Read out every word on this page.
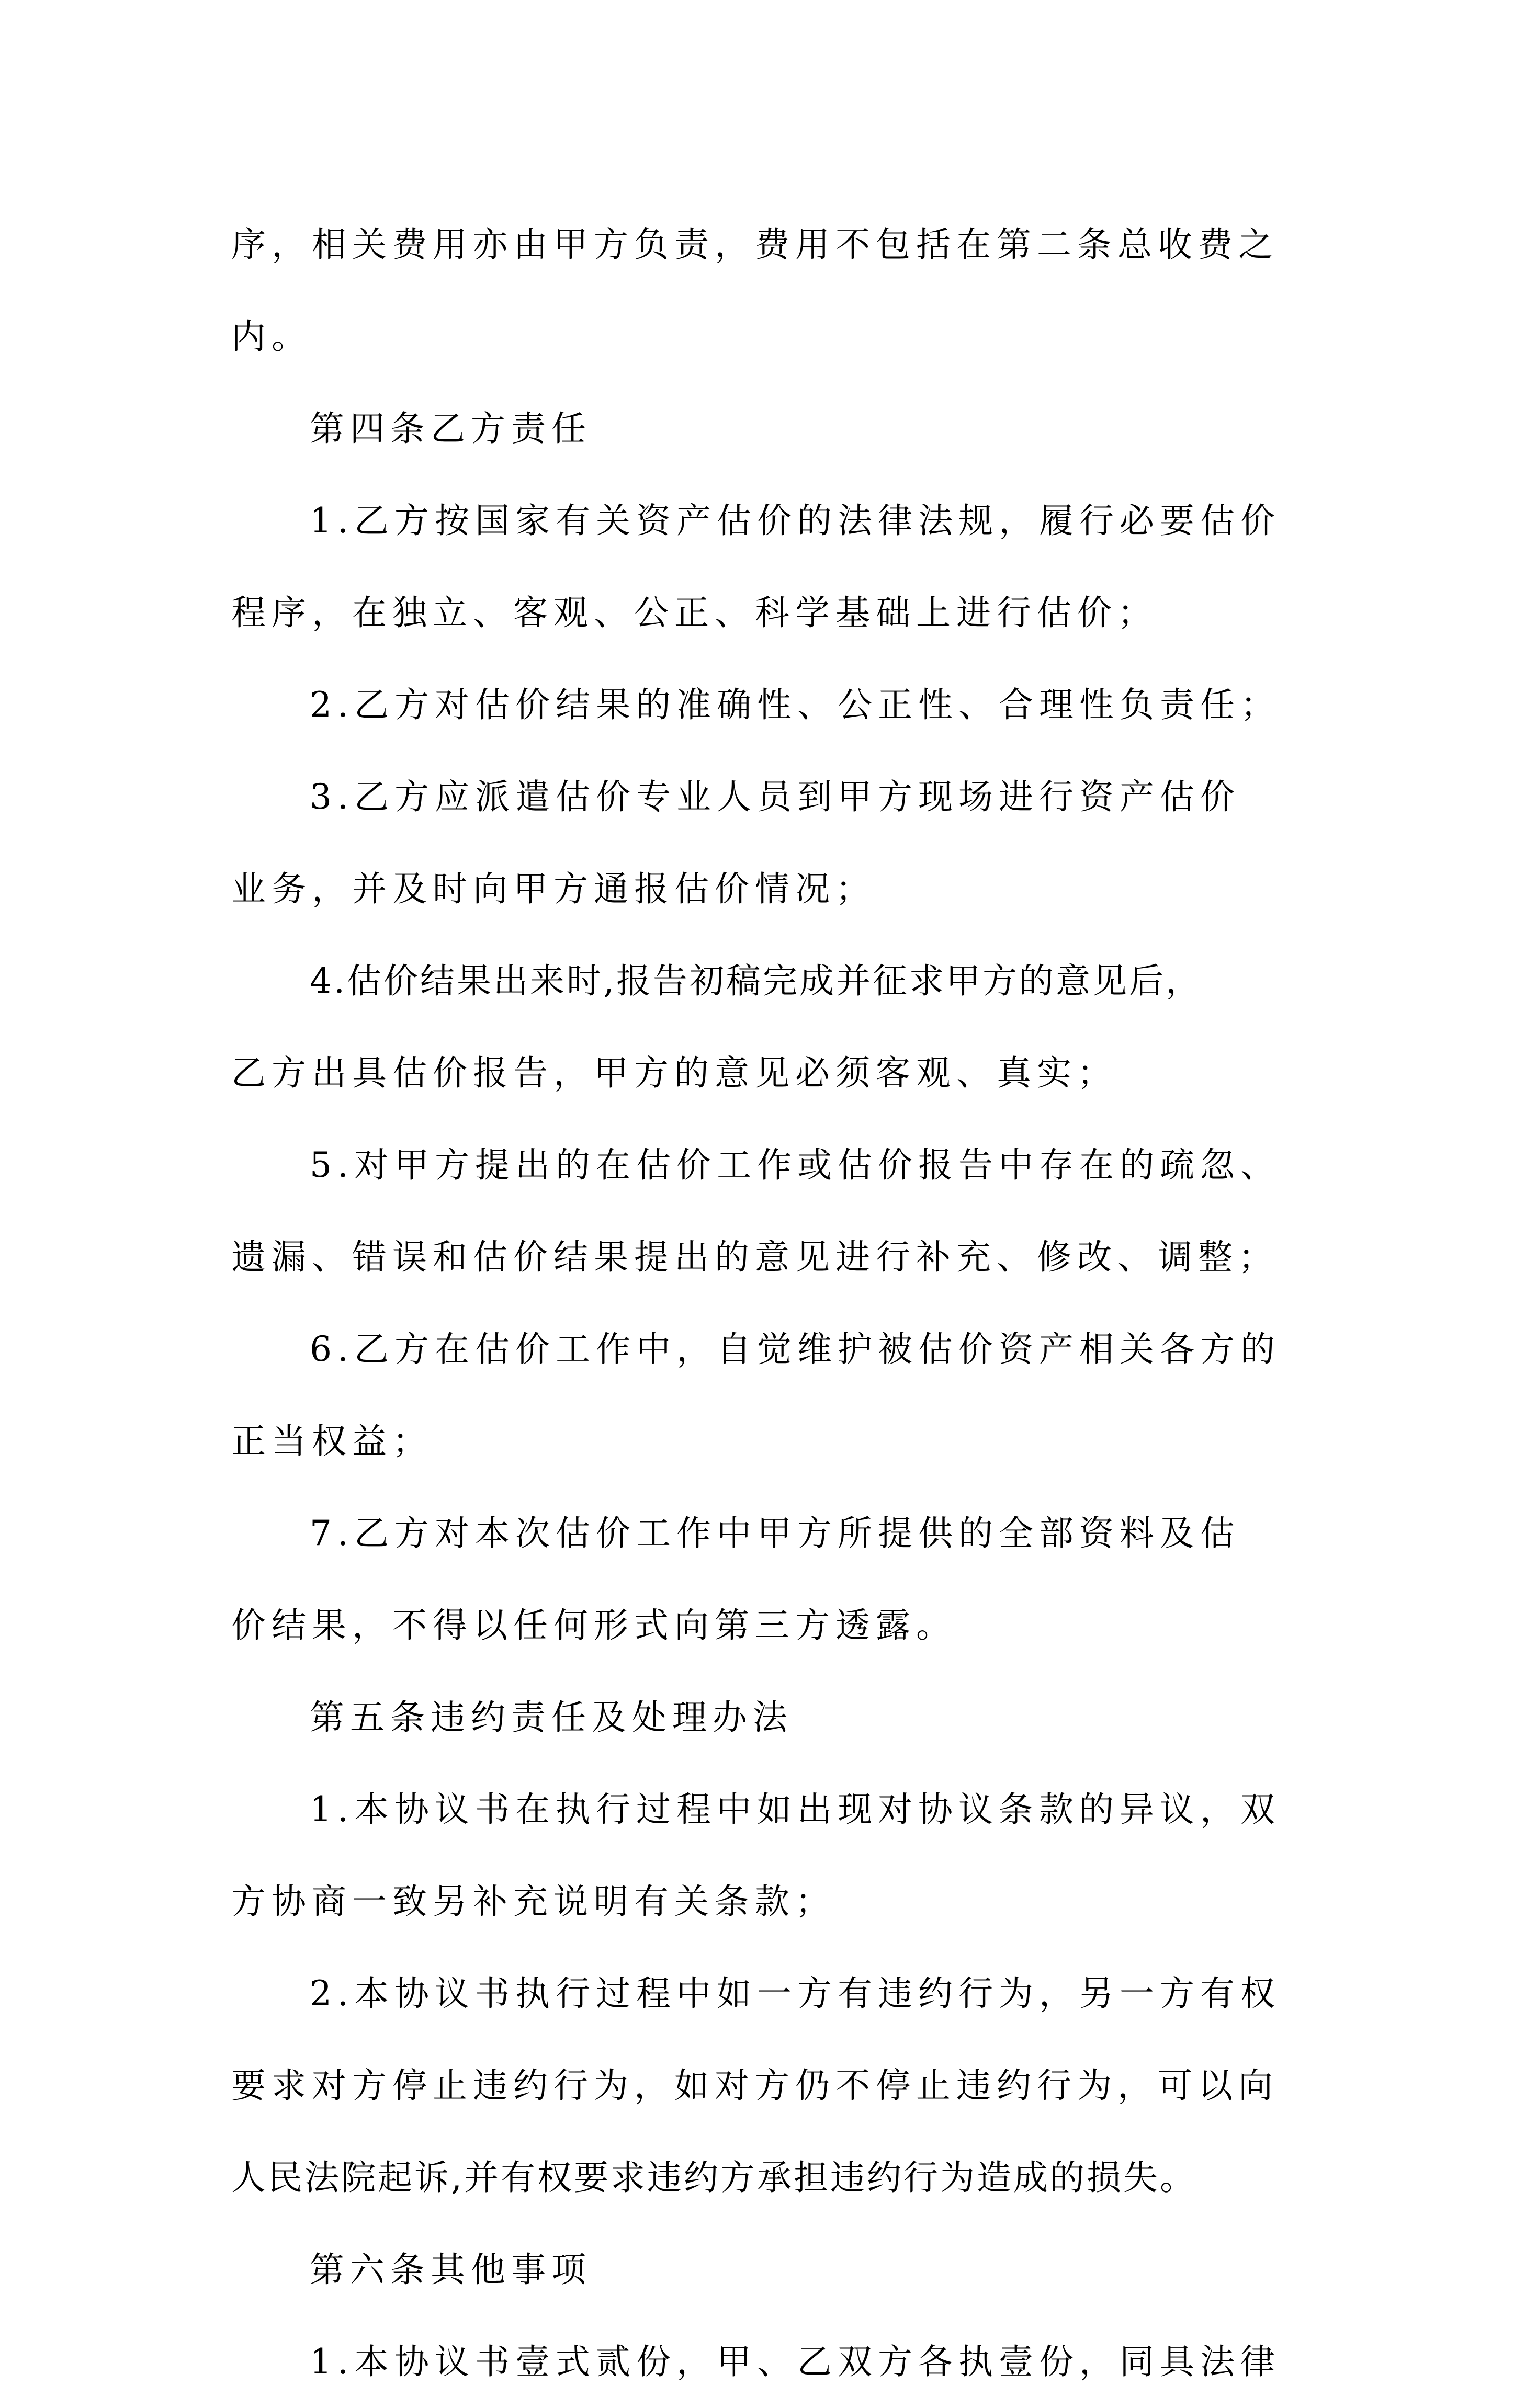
序，相关费用亦由甲方负责，费用不包括在第二条总收费之
内。
第四条乙方责任
1.乙方按国家有关资产估价的法律法规，履行必要估价
程序，在独立、客观、公正、科学基础上进行估价；
2.乙方对估价结果的准确性、公正性、合理性负责任；
3.乙方应派遣估价专业人员到甲方现场进行资产估价
业务，并及时向甲方通报估价情况；
4.估价结果出来时,报告初稿完成并征求甲方的意见后，
乙方出具估价报告，甲方的意见必须客观、真实；
5.对甲方提出的在估价工作或估价报告中存在的疏忽、
遗漏、错误和估价结果提出的意见进行补充、修改、调整；
6.乙方在估价工作中，自觉维护被估价资产相关各方的
正当权益；
7.乙方对本次估价工作中甲方所提供的全部资料及估
价结果，不得以任何形式向第三方透露。
第五条违约责任及处理办法
1.本协议书在执行过程中如出现对协议条款的异议，双
方协商一致另补充说明有关条款；
2.本协议书执行过程中如一方有违约行为，另一方有权
要求对方停止违约行为，如对方仍不停止违约行为，可以向
人民法院起诉,并有权要求违约方承担违约行为造成的损失。
第六条其他事项
1.本协议书壹式贰份，甲、乙双方各执壹份，同具法律
